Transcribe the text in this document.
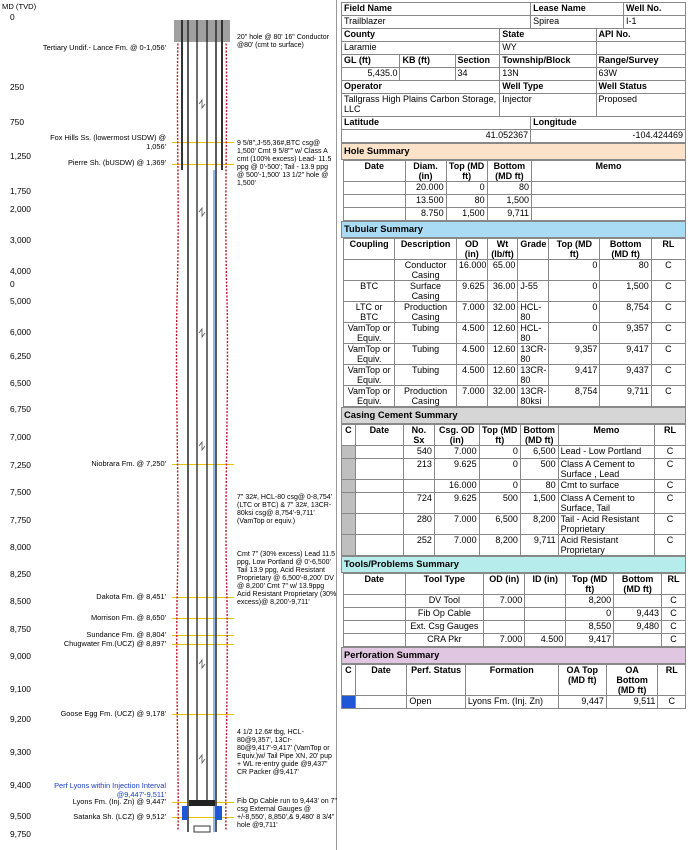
MD (TVD)
0
250
750
1,250
1,750
2,000
3,000
4,000
0
5,000
6,000
6,250
6,500
6,750
7,000
7,250
7,500
7,750
8,000
8,250
8,500
8,750
9,000
9,100
9,200
9,300
9,400
9,500
9,750
Tertiary Undif.- Lance Fm. @ 0-1,056'
Fox Hills Ss. (lowermost USDW) @ 1,056'
Pierre Sh. (bUSDW) @ 1,369'
Niobrara Fm. @ 7,250'
Dakota Fm. @ 8,451'
Morrison Fm. @ 8,650'
Sundance Fm. @ 8,804'
Chugwater Fm.(UCZ) @ 8,897'
Goose Egg Fm. (UCZ) @ 9,178'
Perf Lyons within Injection Interval @9,447'-9,511'
Lyons Fm. (Inj. Zn) @ 9,447'
Satanka Sh. (LCZ) @ 9,512'
20" hole @ 80' 16" Conductor @80' (cmt to surface)
9 5/8",J-55,36#,BTC csg@ 1,500' Cmt 9 5/8"" w/ Class A cmt (100% excess) Lead- 11.5 ppg @ 0'-500'; Tail - 13.9 ppg @ 500'-1,500' 13 1/2" hole @ 1,500'
7" 32#, HCL-80 csg@ 0-8,754' (LTC or BTC) & 7" 32#, 13CR-80ksi csg@ 8,754'-9,711' (VamTop or equiv.)
Cmt 7" (30% excess) Lead 11.5 ppg, Low Portland @ 0'-6,500' Tail 13.9 ppg, Acid Resistant Proprietary @ 6,500'-8,200' DV @ 8,200' Cmt 7" w/ 13.9ppg Acid Resistant Proprietary (30% excess)@ 8,200'-9,711'
4 1/2 12.6# tbg, HCL-80@9,357', 13Cr-80@9,417'-9,417' (VamTop or Equiv.)w/ Tail Pipe XN, 20' pup + WL re-entry guide @9,437" CR Packer @9,417'
Fib Op Cable run to 9,443' on 7" csg External Gauges @ +/-8,550', 8,850',& 9,480' 8 3/4" hole @9,711'
Field Name				Lease Name		Well No.
Trailblazer				Spirea		I-1
County			State		API No.	
Laramie			WY			
GL (ft)	KB (ft)	Section	Township/Block		Range/Survey	
5,435.0		34	13N		63W	
Operator			Well Type		Well Status	
Tallgrass High Plains Carbon Storage, LLC			Injector		Proposed	
Latitude				Longitude		
41.052367				-104.424469		
Hole Summary
Date	Diam. (in)	Top (MD ft)	Bottom (MD ft)	Memo
	20.000	0	80	
	13.500	80	1,500	
	8.750	1,500	9,711	
Tubular Summary
Coupling	Description	OD (in)	Wt (lb/ft)	Grade	Top (MD ft)	Bottom (MD ft)	RL
	Conductor Casing	16.000	65.00		0	80	C
BTC	Surface Casing	9.625	36.00	J-55	0	1,500	C
LTC or BTC	Production Casing	7.000	32.00	HCL-80	0	8,754	C
VamTop or Equiv.	Tubing	4.500	12.60	HCL-80	0	9,357	C
VamTop or Equiv.	Tubing	4.500	12.60	13CR-80	9,357	9,417	C
VamTop or Equiv.	Tubing	4.500	12.60	13CR-80	9,417	9,437	C
VamTop or Equiv.	Production Casing	7.000	32.00	13CR-80ksi	8,754	9,711	C
Casing Cement Summary
C	Date	No. Sx	Csg. OD (in)	Top (MD ft)	Bottom (MD ft)	Memo	RL
		540	7.000	0	6,500	Lead - Low Portland	C
		213	9.625	0	500	Class A Cement to Surface , Lead	C
			16.000	0	80	Cmt to surface	C
		724	9.625	500	1,500	Class A Cement to Surface, Tail	C
		280	7.000	6,500	8,200	Tail - Acid Resistant Proprietary	C
		252	7.000	8,200	9,711	Acid Resistant Proprietary	C
Tools/Problems Summary
Date	Tool Type	OD (in)	ID (in)	Top (MD ft)	Bottom (MD ft)	RL
	DV Tool	7.000		8,200		C
	Fib Op Cable			0	9,443	C
	Ext. Csg Gauges			8,550	9,480	C
	CRA Pkr	7.000	4.500	9,417		C
Perforation Summary
C	Date	Perf. Status	Formation	OA Top (MD ft)	OA Bottom (MD ft)	RL
		Open	Lyons Fm. (Inj. Zn)	9,447	9,511	C
